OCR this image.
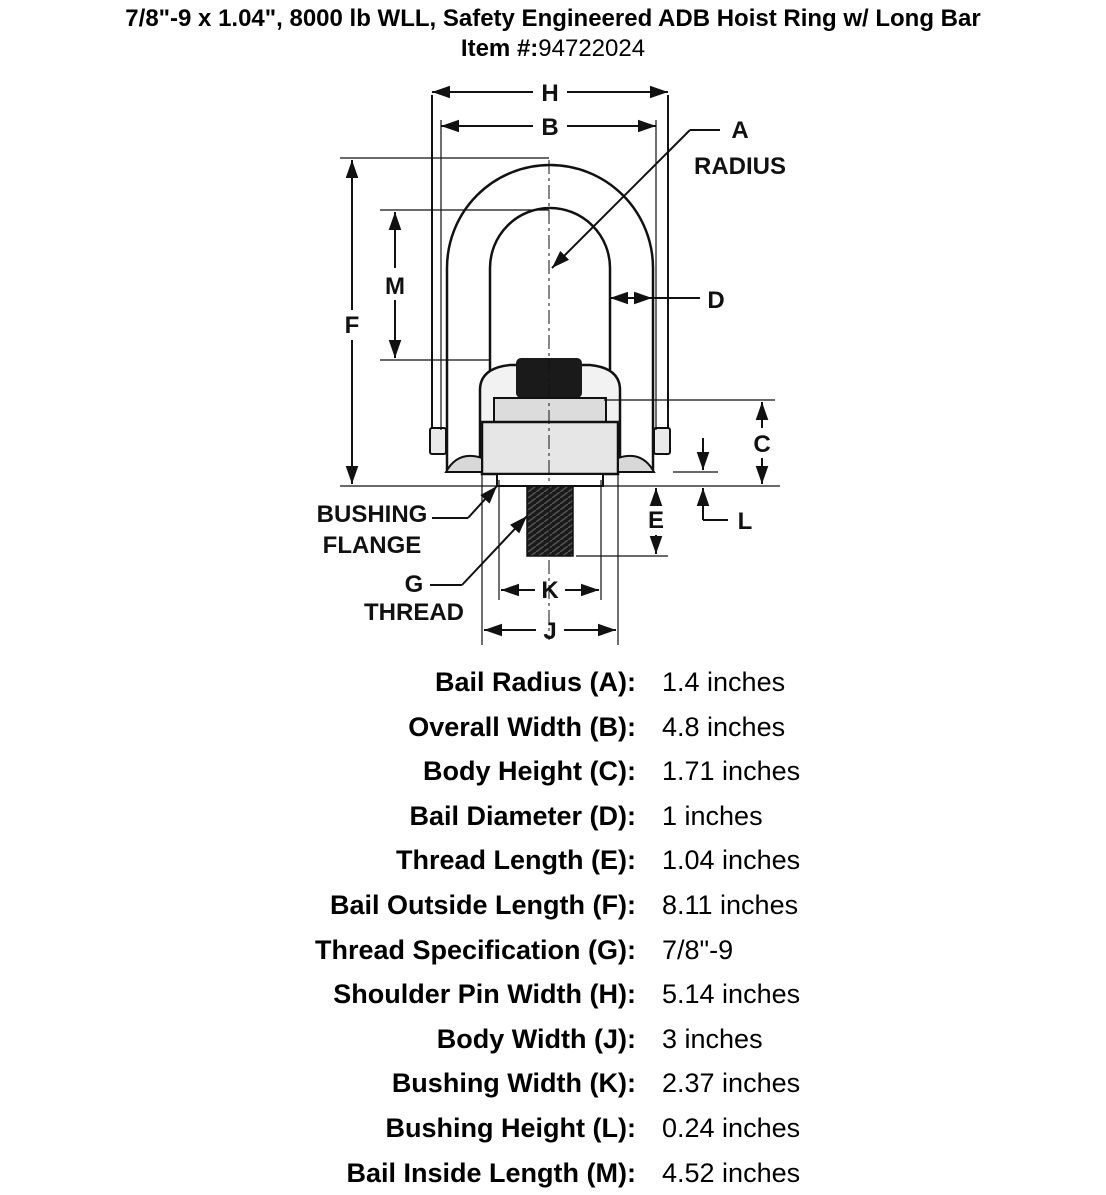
7/8"-9 x 1.04", 8000 lb WLL, Safety Engineered ADB Hoist Ring w/ Long Bar
Item #:94722024
H
B	A
RADIUS
D
M
F
C
E	L
BUSHING
FLANGE
G
THREAD
K
J
Bail Radius (A): 1.4 inches
Overall Width (B): 4.8 inches
Body Height (C): 1.71 inches
Bail Diameter (D): 1 inches
Thread Length (E): 1.04 inches
Bail Outside Length (F): 8.11 inches
Thread Specification (G): 7/8"-9
Shoulder Pin Width (H): 5.14 inches
Body Width (J): 3 inches
Bushing Width (K): 2.37 inches
Bushing Height (L): 0.24 inches
Bail Inside Length (M): 4.52 inches
